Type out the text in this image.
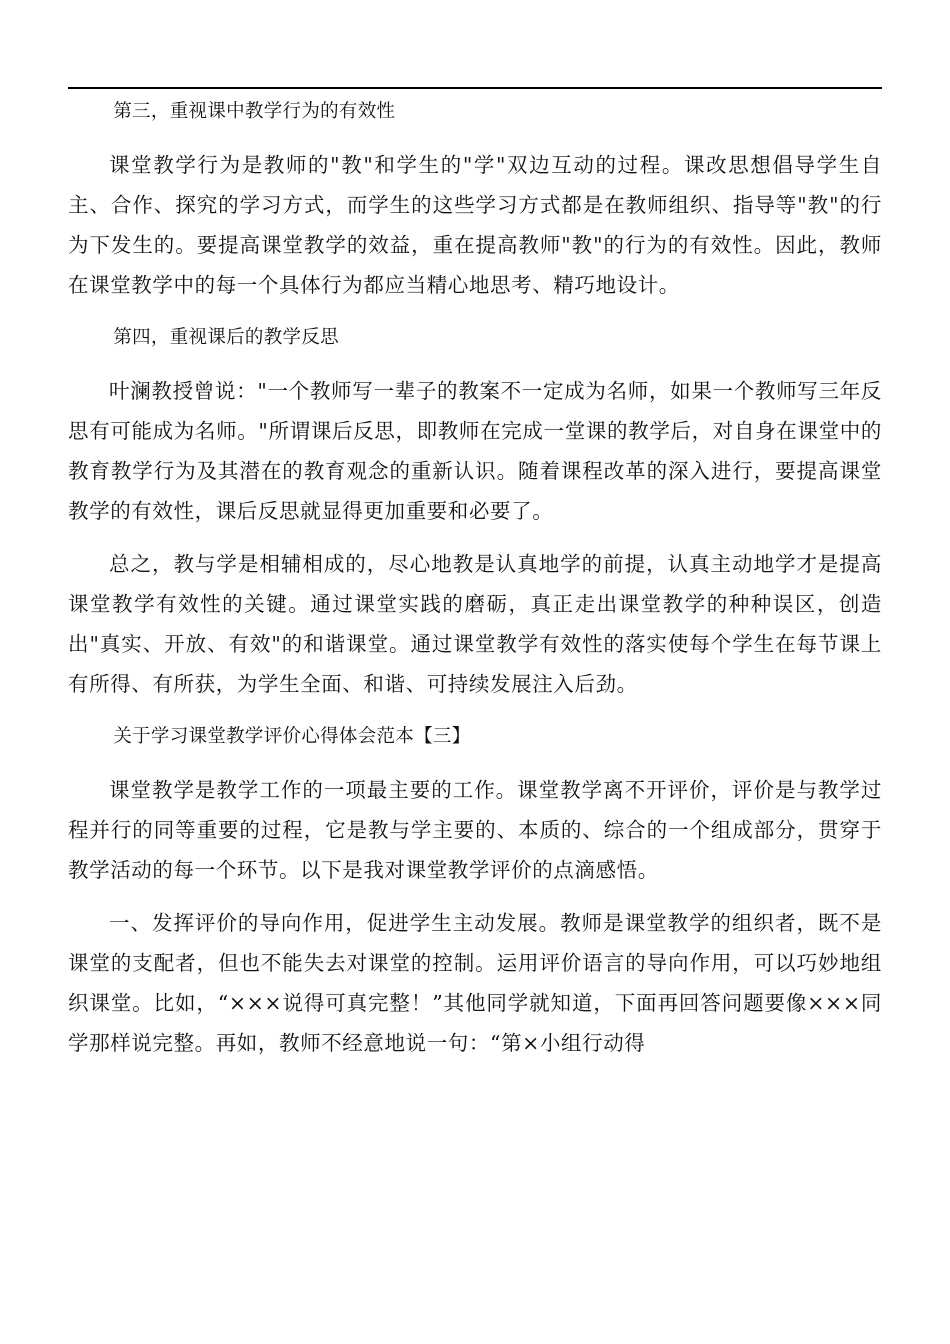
第三，重视课中教学行为的有效性

课堂教学行为是教师的"教"和学生的"学"双边互动的过程。课改思想倡导学生自主、合作、探究的学习方式，而学生的这些学习方式都是在教师组织、指导等"教"的行为下发生的。要提高课堂教学的效益，重在提高教师"教"的行为的有效性。因此，教师在课堂教学中的每一个具体行为都应当精心地思考、精巧地设计。

第四，重视课后的教学反思

叶澜教授曾说："一个教师写一辈子的教案不一定成为名师，如果一个教师写三年反思有可能成为名师。"所谓课后反思，即教师在完成一堂课的教学后，对自身在课堂中的教育教学行为及其潜在的教育观念的重新认识。随着课程改革的深入进行，要提高课堂教学的有效性，课后反思就显得更加重要和必要了。

总之，教与学是相辅相成的，尽心地教是认真地学的前提，认真主动地学才是提高课堂教学有效性的关键。通过课堂实践的磨砺，真正走出课堂教学的种种误区，创造出"真实、开放、有效"的和谐课堂。通过课堂教学有效性的落实使每个学生在每节课上有所得、有所获，为学生全面、和谐、可持续发展注入后劲。

关于学习课堂教学评价心得体会范本【三】

课堂教学是教学工作的一项最主要的工作。课堂教学离不开评价，评价是与教学过程并行的同等重要的过程，它是教与学主要的、本质的、综合的一个组成部分，贯穿于教学活动的每一个环节。以下是我对课堂教学评价的点滴感悟。

一、发挥评价的导向作用，促进学生主动发展。教师是课堂教学的组织者，既不是课堂的支配者，但也不能失去对课堂的控制。运用评价语言的导向作用，可以巧妙地组织课堂。比如，“×××说得可真完整！”其他同学就知道，下面再回答问题要像×××同学那样说完整。再如，教师不经意地说一句：“第×小组行动得
